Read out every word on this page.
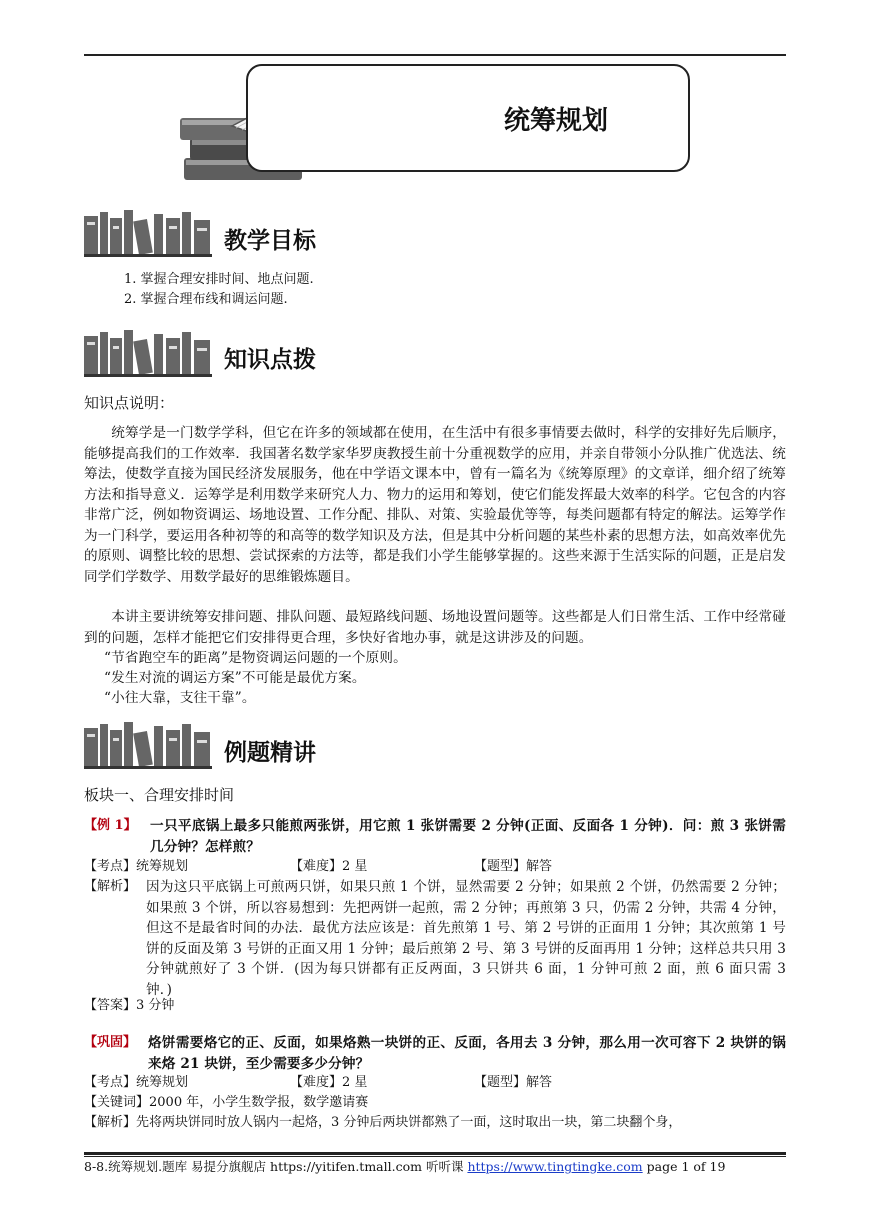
统筹规划
教学目标
1. 掌握合理安排时间、地点问题.
2. 掌握合理布线和调运问题.
知识点拨
知识点说明：
统筹学是一门数学学科，但它在许多的领域都在使用，在生活中有很多事情要去做时，科学的安排好先后顺序，能够提高我们的工作效率．我国著名数学家华罗庚教授生前十分重视数学的应用，并亲自带领小分队推广优选法、统筹法，使数学直接为国民经济发展服务，他在中学语文课本中，曾有一篇名为《统筹原理》的文章详，细介绍了统筹方法和指导意义．运筹学是利用数学来研究人力、物力的运用和筹划，使它们能发挥最大效率的科学。它包含的内容非常广泛，例如物资调运、场地设置、工作分配、排队、对策、实验最优等等，每类问题都有特定的解法。运筹学作为一门科学，要运用各种初等的和高等的数学知识及方法，但是其中分析问题的某些朴素的思想方法，如高效率优先的原则、调整比较的思想、尝试探索的方法等，都是我们小学生能够掌握的。这些来源于生活实际的问题，正是启发同学们学数学、用数学最好的思维锻炼题目。
本讲主要讲统筹安排问题、排队问题、最短路线问题、场地设置问题等。这些都是人们日常生活、工作中经常碰到的问题，怎样才能把它们安排得更合理，多快好省地办事，就是这讲涉及的问题。
“节省跑空车的距离”是物资调运问题的一个原则。
“发生对流的调运方案”不可能是最优方案。
“小往大靠，支往干靠”。
例题精讲
板块一、合理安排时间
【例 1】 一只平底锅上最多只能煎两张饼，用它煎 1 张饼需要 2 分钟(正面、反面各 1 分钟)．问：煎 3 张饼需几分钟？怎样煎？
【考点】统筹规划	【难度】2 星	【题型】解答
【解析】 因为这只平底锅上可煎两只饼，如果只煎 1 个饼，显然需要 2 分钟；如果煎 2 个饼，仍然需要 2 分钟；如果煎 3 个饼，所以容易想到：先把两饼一起煎，需 2 分钟；再煎第 3 只，仍需 2 分钟，共需 4 分钟，但这不是最省时间的办法．最优方法应该是：首先煎第 1 号、第 2 号饼的正面用 1 分钟；其次煎第 1 号饼的反面及第 3 号饼的正面又用 1 分钟；最后煎第 2 号、第 3 号饼的反面再用 1 分钟；这样总共只用 3 分钟就煎好了 3 个饼．(因为每只饼都有正反两面，3 只饼共 6 面，1 分钟可煎 2 面，煎 6 面只需 3 钟．)
【答案】3 分钟
【巩固】 烙饼需要烙它的正、反面，如果烙熟一块饼的正、反面，各用去 3 分钟，那么用一次可容下 2 块饼的锅来烙 21 块饼，至少需要多少分钟？
【考点】统筹规划	【难度】2 星	【题型】解答
【关键词】2000 年，小学生数学报，数学邀请赛
【解析】先将两块饼同时放人锅内一起烙，3 分钟后两块饼都熟了一面，这时取出一块，第二块翻个身，
8-8.统筹规划.题库 易提分旗舰店 https://yitifen.tmall.com 听听课 https://www.tingtingke.com page 1 of 19
